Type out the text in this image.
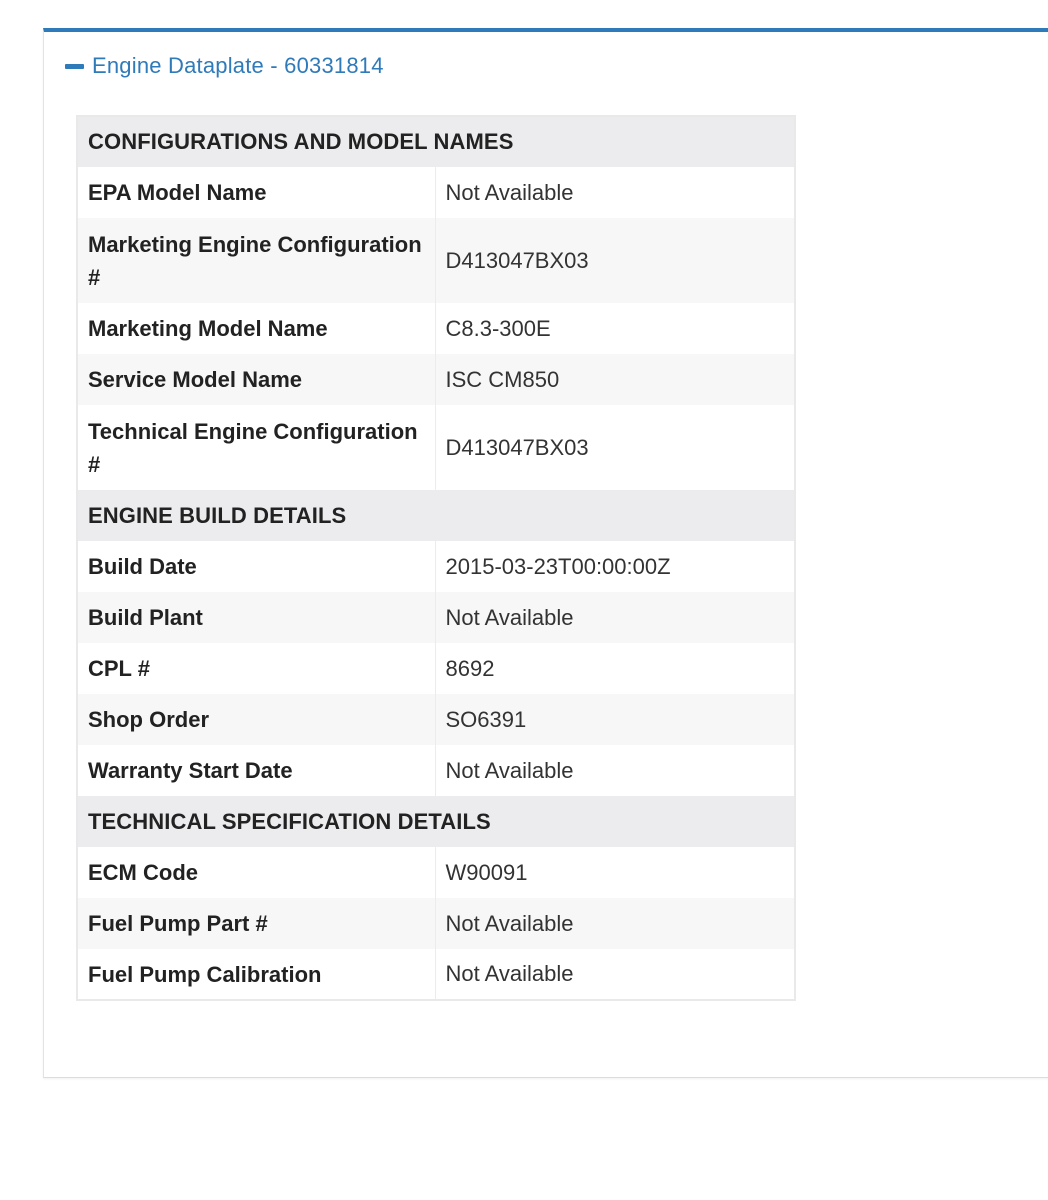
Engine Dataplate - 60331814
CONFIGURATIONS AND MODEL NAMES	
EPA Model Name	Not Available
Marketing Engine Configuration #	D413047BX03
Marketing Model Name	C8.3-300E
Service Model Name	ISC CM850
Technical Engine Configuration #	D413047BX03
ENGINE BUILD DETAILS	
Build Date	2015-03-23T00:00:00Z
Build Plant	Not Available
CPL #	8692
Shop Order	SO6391
Warranty Start Date	Not Available
TECHNICAL SPECIFICATION DETAILS	
ECM Code	W90091
Fuel Pump Part #	Not Available
Fuel Pump Calibration	Not Available
